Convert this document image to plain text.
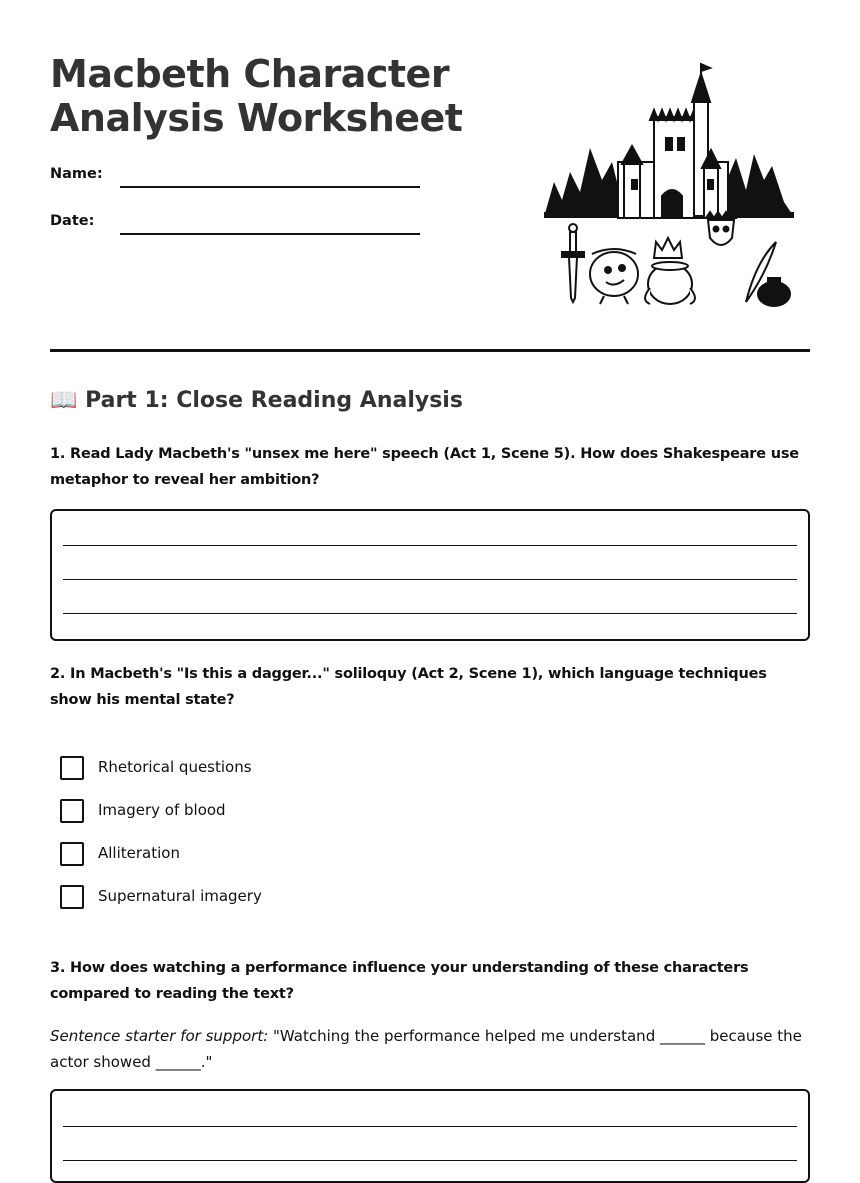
Macbeth Character
Analysis Worksheet
Name:
Date:
📖 Part 1: Close Reading Analysis

1. Read Lady Macbeth's "unsex me here" speech (Act 1, Scene 5). How does Shakespeare use metaphor to reveal her ambition?

2. In Macbeth's "Is this a dagger..." soliloquy (Act 2, Scene 1), which language techniques show his mental state?

Rhetorical questions
Imagery of blood
Alliteration
Supernatural imagery

3. How does watching a performance influence your understanding of these characters compared to reading the text?

Sentence starter for support: "Watching the performance helped me understand ______ because the actor showed ______."
